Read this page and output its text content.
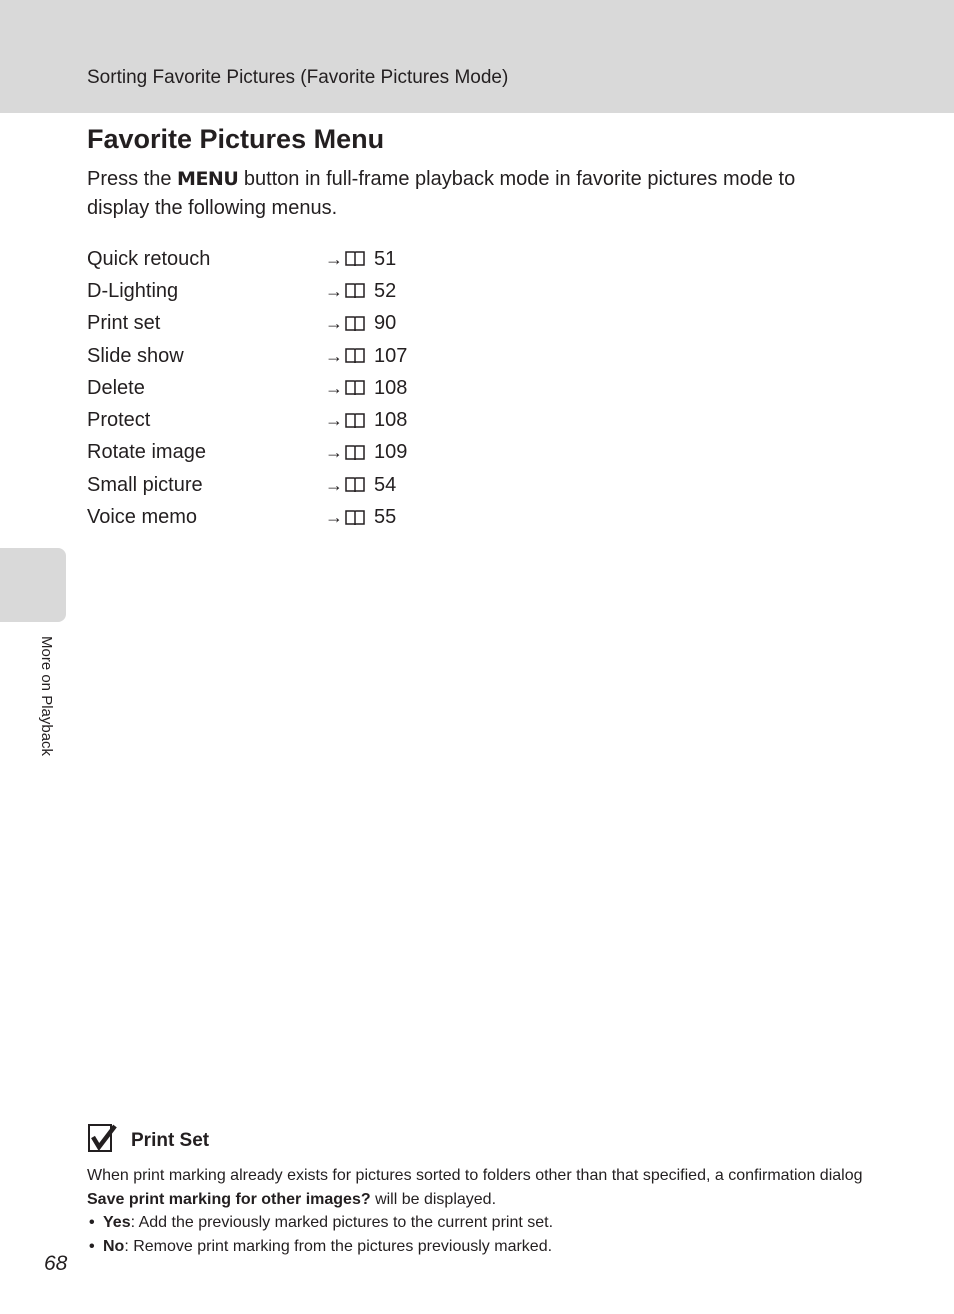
Sorting Favorite Pictures (Favorite Pictures Mode)
Favorite Pictures Menu

Press the MENU button in full-frame playback mode in favorite pictures mode to display the following menus.

Quick retouch	→ 51
D-Lighting	→ 52
Print set	→ 90
Slide show	→ 107
Delete	→ 108
Protect	→ 108
Rotate image	→ 109
Small picture	→ 54
Voice memo	→ 55
More on Playback
Print Set

When print marking already exists for pictures sorted to folders other than that specified, a confirmation dialog Save print marking for other images? will be displayed.

• Yes: Add the previously marked pictures to the current print set.
• No: Remove print marking from the pictures previously marked.
68
